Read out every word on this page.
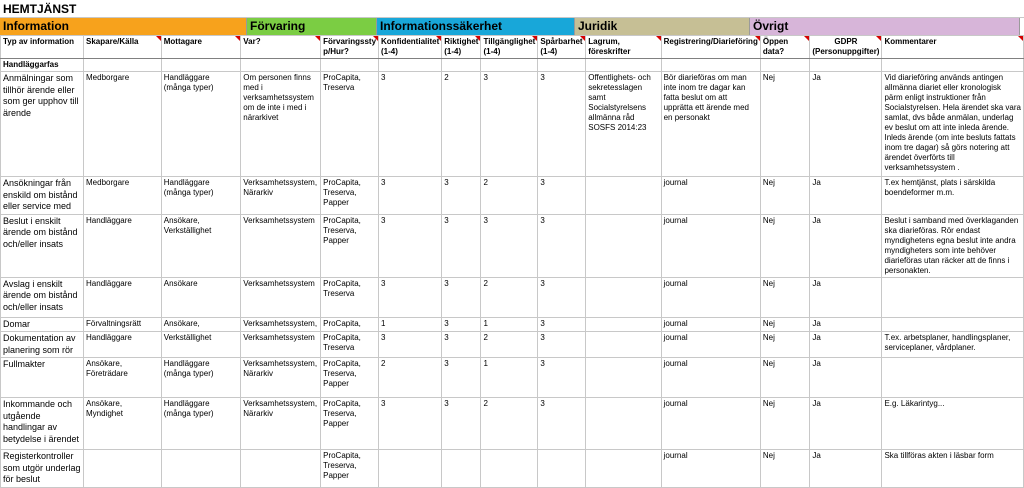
HEMTJÄNST
Information	Förvaring	Informationssäkerhet	Juridik	Övrigt
Typ av information	Skapare/Källa	Mottagare	Var?	Förvaringssty p/Hur?	Konfidentialitet (1-4)	Riktighet (1-4)	Tillgänglighet (1-4)	Spårbarhet (1-4)	Lagrum, föreskrifter	Registrering/Diarieföring	Öppen data?	GDPR (Personuppgifter)	Kommentarer

Handläggarfas													
Anmälningar som tillhör ärende eller som ger upphov till ärende	Medborgare	Handläggare (många typer)	Om personen finns med i verksamhetssystem om de inte i med i närarkivet	ProCapita, Treserva	3	2	3	3	Offentlighets- och sekretesslagen samt Socialstyrelsens allmänna råd SOSFS 2014:23	Bör diarieföras om man inte inom tre dagar kan fatta beslut om att upprätta ett ärende med en personakt	Nej	Ja	Vid diarieföring används antingen allmänna diariet eller kronologisk pärm enligt instruktioner från Socialstyrelsen. Hela ärendet ska vara samlat, dvs både anmälan, underlag ev beslut om att inte inleda ärende. Inleds ärende (om inte besluts fattats inom tre dagar) så görs notering att ärendet överförts till verksamhetssystem .
Ansökningar från enskild om bistånd eller service med	Medborgare	Handläggare (många typer)	Verksamhetssystem, Närarkiv	ProCapita, Treserva, Papper	3	3	2	3		journal	Nej	Ja	T.ex hemtjänst, plats i särskilda boendeformer m.m.
Beslut i enskilt ärende om bistånd och/eller insats	Handläggare	Ansökare, Verkställighet	Verksamhetssystem	ProCapita, Treserva, Papper	3	3	3	3		journal	Nej	Ja	Beslut i samband med överklaganden ska diarieföras. Rör endast myndighetens egna beslut inte andra myndigheters som inte behöver diarieföras utan räcker att de finns i personakten.
Avslag i enskilt ärende om bistånd och/eller insats	Handläggare	Ansökare	Verksamhetssystem	ProCapita, Treserva	3	3	2	3		journal	Nej	Ja	
Domar	Förvaltningsrätt	Ansökare,	Verksamhetssystem,	ProCapita,	1	3	1	3		journal	Nej	Ja	
Dokumentation av planering som rör	Handläggare	Verkställighet	Verksamhetssystem	ProCapita, Treserva	3	3	2	3		journal	Nej	Ja	T.ex. arbetsplaner, handlingsplaner, serviceplaner, vårdplaner.
Fullmakter	Ansökare, Företrädare	Handläggare (många typer)	Verksamhetssystem, Närarkiv	ProCapita, Treserva, Papper	2	3	1	3		journal	Nej	Ja	
Inkommande och utgående handlingar av betydelse i ärendet	Ansökare, Myndighet	Handläggare (många typer)	Verksamhetssystem, Närarkiv	ProCapita, Treserva, Papper	3	3	2	3		journal	Nej	Ja	E.g. Läkarintyg...
Registerkontroller som utgör underlag för beslut				ProCapita, Treserva, Papper						journal	Nej	Ja	Ska tillföras akten i läsbar form
